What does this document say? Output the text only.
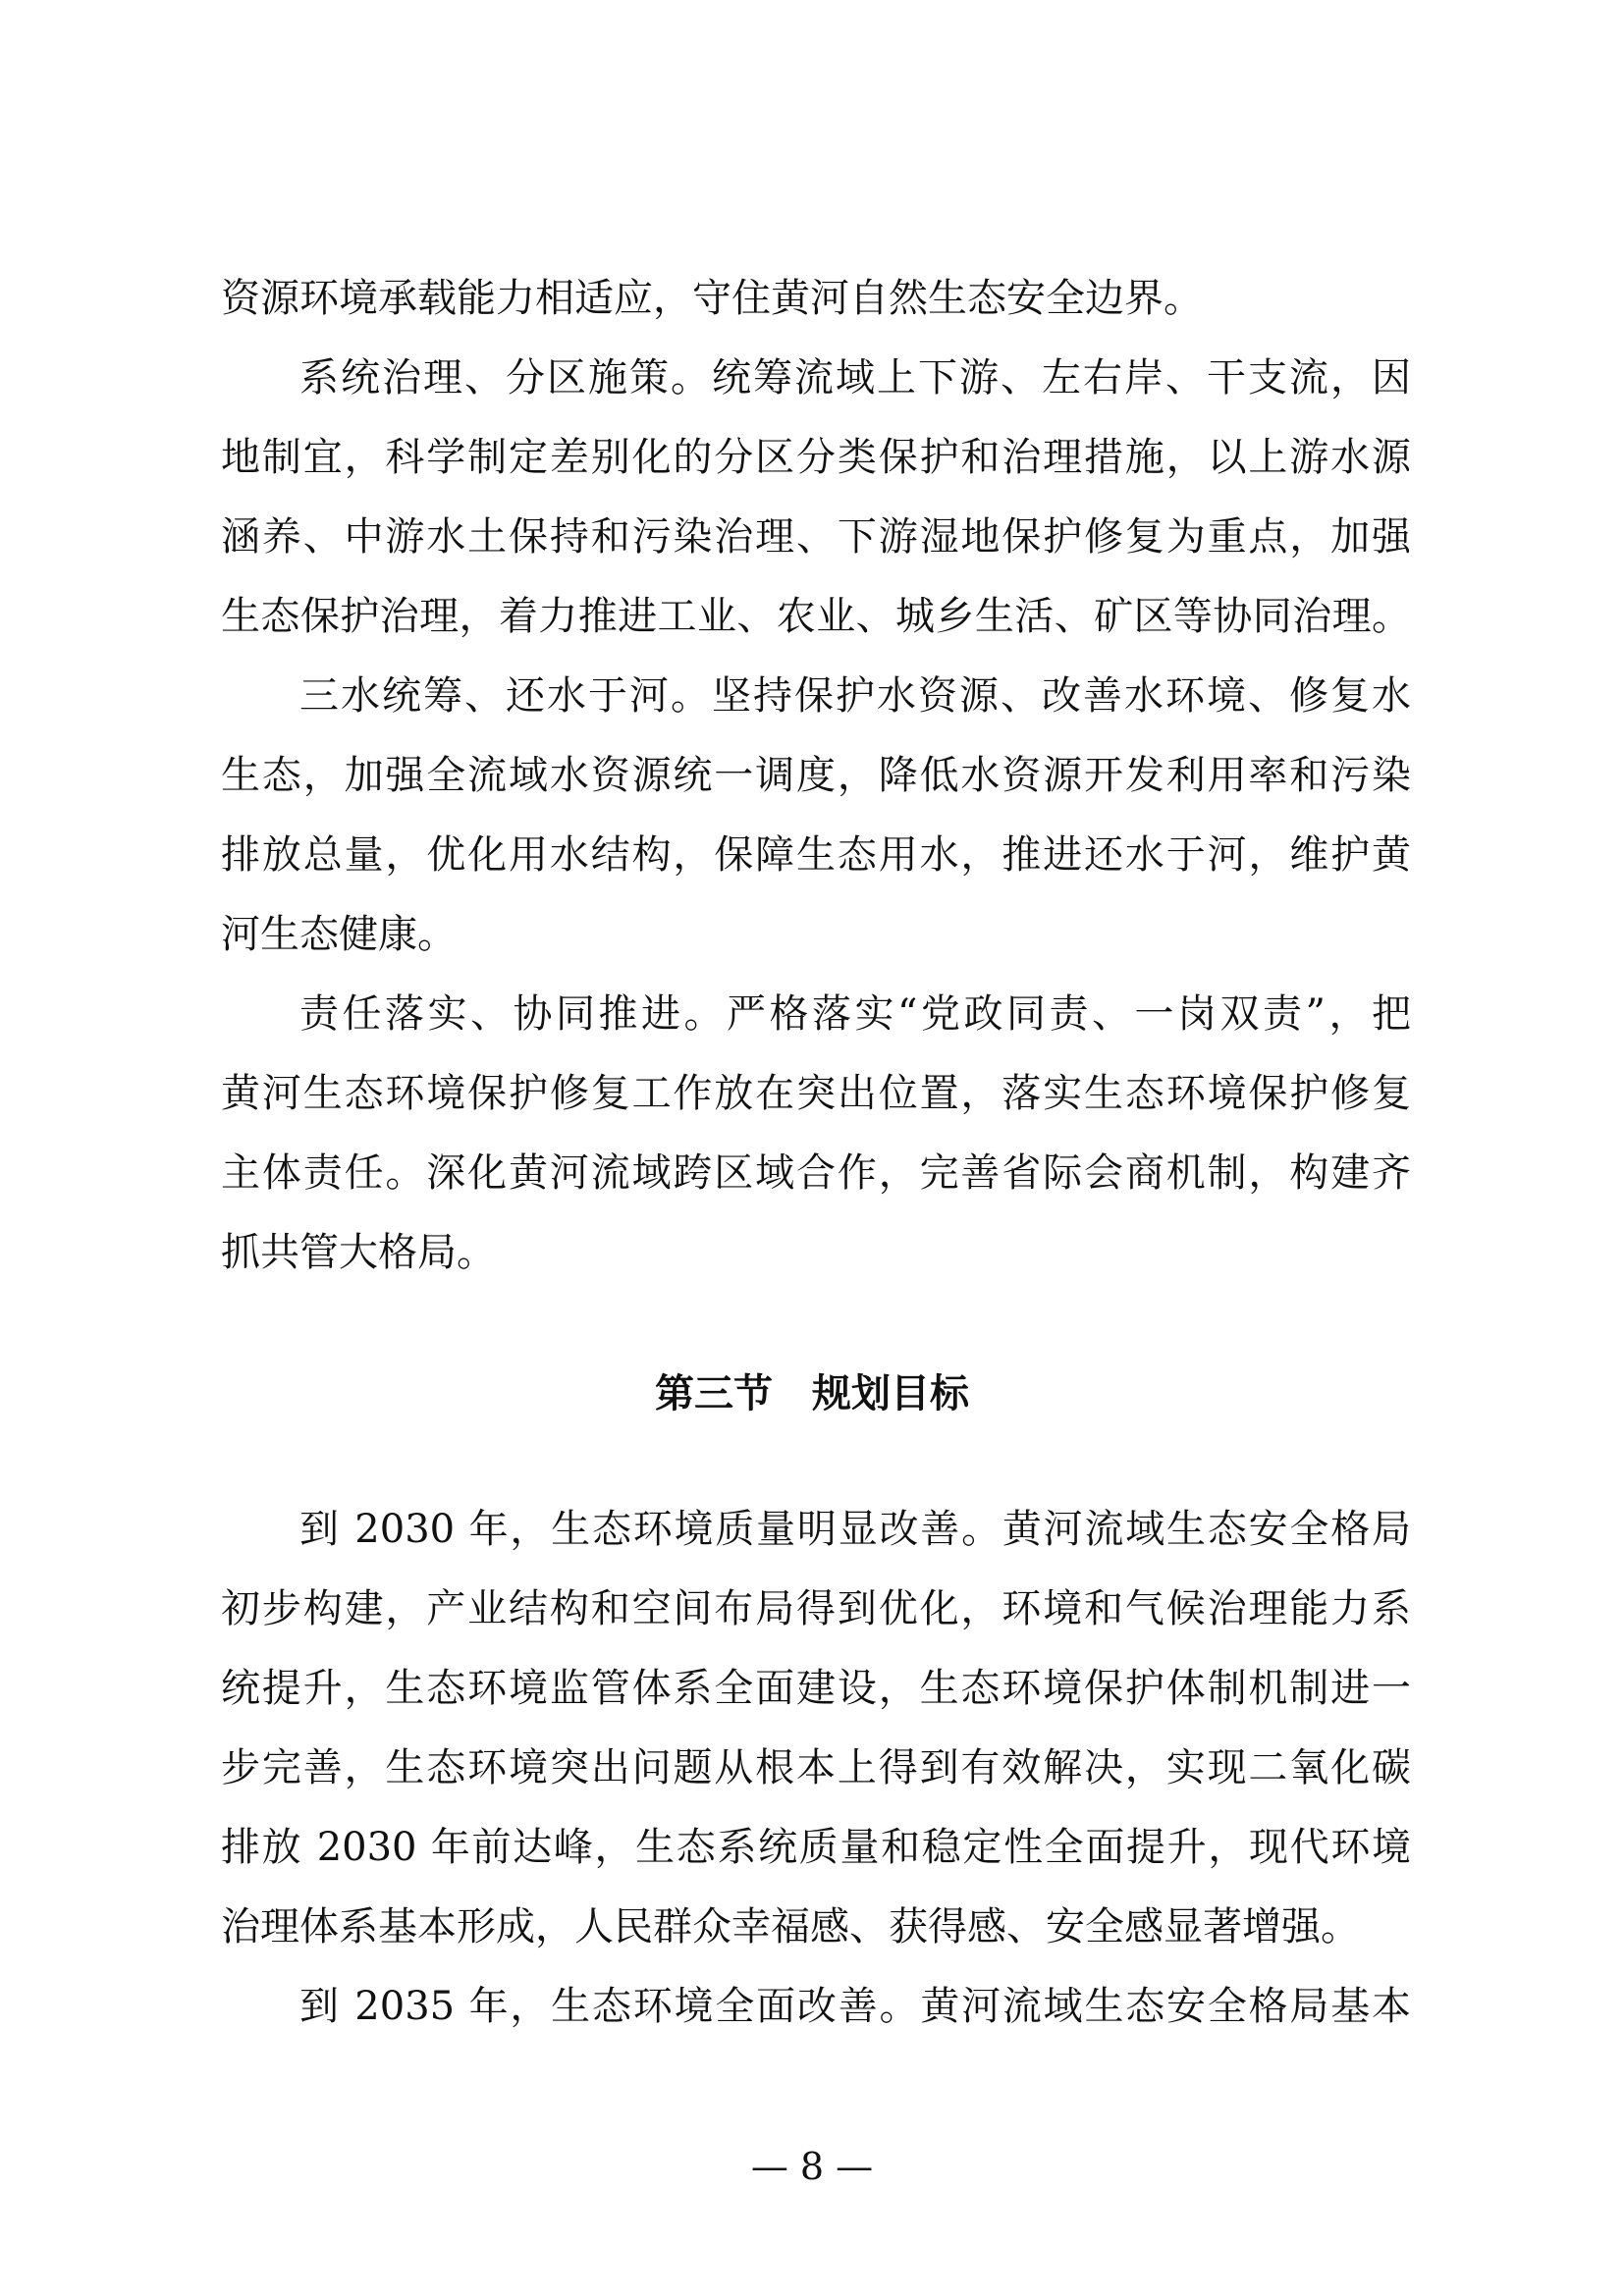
资源环境承载能力相适应，守住黄河自然生态安全边界。
系统治理、分区施策。统筹流域上下游、左右岸、干支流，因
地制宜，科学制定差别化的分区分类保护和治理措施，以上游水源
涵养、中游水土保持和污染治理、下游湿地保护修复为重点，加强
生态保护治理，着力推进工业、农业、城乡生活、矿区等协同治理。
三水统筹、还水于河。坚持保护水资源、改善水环境、修复水
生态，加强全流域水资源统一调度，降低水资源开发利用率和污染
排放总量，优化用水结构，保障生态用水，推进还水于河，维护黄
河生态健康。
责任落实、协同推进。严格落实“党政同责、一岗双责”，把
黄河生态环境保护修复工作放在突出位置，落实生态环境保护修复
主体责任。深化黄河流域跨区域合作，完善省际会商机制，构建齐
抓共管大格局。
第三节　规划目标
到 2030 年，生态环境质量明显改善。黄河流域生态安全格局
初步构建，产业结构和空间布局得到优化，环境和气候治理能力系
统提升，生态环境监管体系全面建设，生态环境保护体制机制进一
步完善，生态环境突出问题从根本上得到有效解决，实现二氧化碳
排放 2030 年前达峰，生态系统质量和稳定性全面提升，现代环境
治理体系基本形成，人民群众幸福感、获得感、安全感显著增强。
到 2035 年，生态环境全面改善。黄河流域生态安全格局基本
— 8 —
